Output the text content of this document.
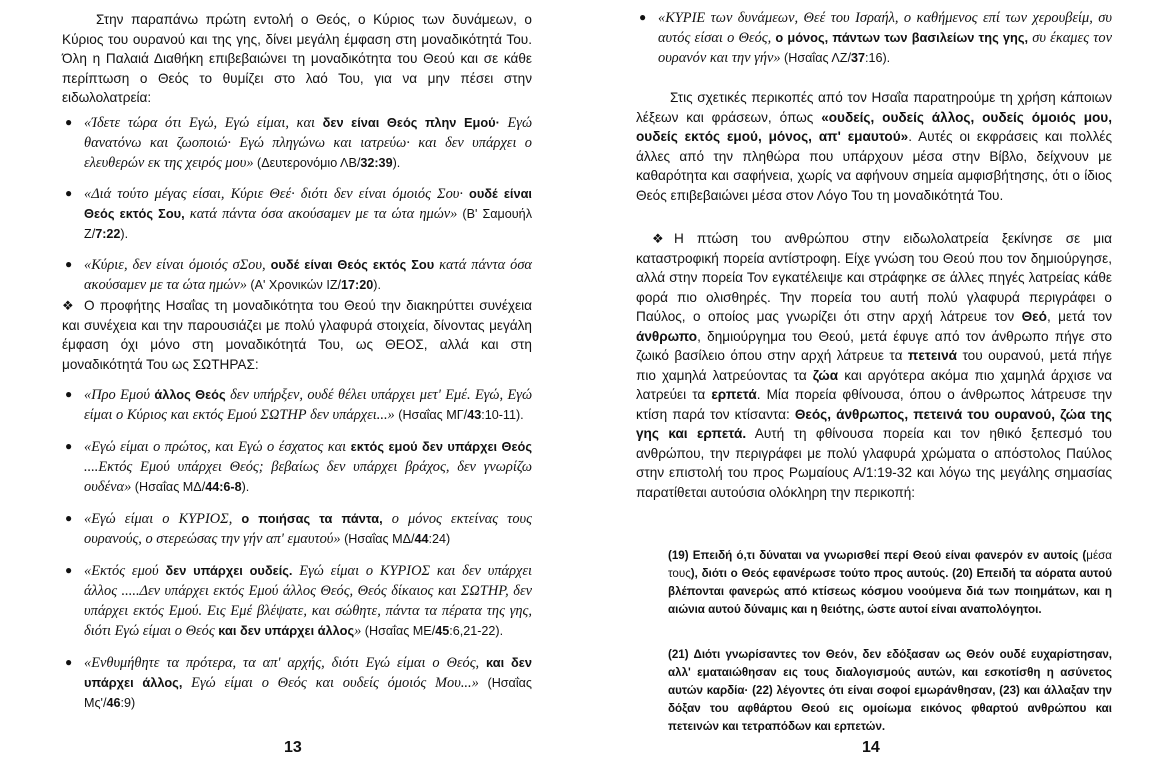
Στην παραπάνω πρώτη εντολή ο Θεός, ο Κύριος των δυνάμεων, ο Κύριος του ουρανού και της γης, δίνει μεγάλη έμφαση στη μοναδικότητά Του. Όλη η Παλαιά Διαθήκη επιβεβαιώνει τη μοναδικότητα του Θεού και σε κάθε περίπτωση ο Θεός το θυμίζει στο λαό Του, για να μην πέσει στην ειδωλολατρεία:

● «Ίδετε τώρα ότι Εγώ, Εγώ είμαι, και δεν είναι Θεός πλην Εμού· Εγώ θανατόνω και ζωοποιώ· Εγώ πληγώνω και ιατρεύω· και δεν υπάρχει ο ελευθερών εκ της χειρός μου» (Δευτερονόμιο ΛΒ/32:39).
● «Διά τούτο μέγας είσαι, Κύριε Θεέ· διότι δεν είναι όμοιός Σου· ουδέ είναι Θεός εκτός Σου, κατά πάντα όσα ακούσαμεν με τα ώτα ημών» (Β' Σαμουήλ Ζ/7:22).
● «Κύριε, δεν είναι όμοιός σΣου, ουδέ είναι Θεός εκτός Σου κατά πάντα όσα ακούσαμεν με τα ώτα ημών» (Α' Χρονικών ΙΖ/17:20).

❖ Ο προφήτης Ησαΐας τη μοναδικότητα του Θεού την διακηρύττει συνέχεια και συνέχεια και την παρουσιάζει με πολύ γλαφυρά στοιχεία, δίνοντας μεγάλη έμφαση όχι μόνο στη μοναδικότητά Του, ως ΘΕΟΣ, αλλά και στη μοναδικότητά Του ως ΣΩΤΗΡΑΣ:

● «Προ Εμού άλλος Θεός δεν υπήρξεν, ουδέ θέλει υπάρχει μετ' Εμέ. Εγώ, Εγώ είμαι ο Κύριος και εκτός Εμού ΣΩΤΗΡ δεν υπάρχει...» (Ησαΐας ΜΓ/43:10-11).
● «Εγώ είμαι ο πρώτος, και Εγώ ο έσχατος και εκτός εμού δεν υπάρχει Θεός ....Εκτός Εμού υπάρχει Θεός; βεβαίως δεν υπάρχει βράχος, δεν γνωρίζω ουδένα» (Ησαΐας ΜΔ/44:6-8).
● «Εγώ είμαι ο ΚΥΡΙΟΣ, ο ποιήσας τα πάντα, ο μόνος εκτείνας τους ουρανούς, ο στερεώσας την γήν απ' εμαυτού» (Ησαΐας ΜΔ/44:24)
● «Εκτός εμού δεν υπάρχει ουδείς. Εγώ είμαι ο ΚΥΡΙΟΣ και δεν υπάρχει άλλος .....Δεν υπάρχει εκτός Εμού άλλος Θεός, Θεός δίκαιος και ΣΩΤΗΡ, δεν υπάρχει εκτός Εμού. Εις Εμέ βλέψατε, και σώθητε, πάντα τα πέρατα της γης, διότι Εγώ είμαι ο Θεός και δεν υπάρχει άλλος» (Ησαΐας ΜΕ/45:6,21-22).
● «Ενθυμήθητε τα πρότερα, τα απ' αρχής, διότι Εγώ είμαι ο Θεός, και δεν υπάρχει άλλος, Εγώ είμαι ο Θεός και ουδείς όμοιός Μου...» (Ησαΐας Μς'/46:9)
13
● «ΚΥΡΙΕ των δυνάμεων, Θεέ του Ισραήλ, ο καθήμενος επί των χερουβείμ, συ αυτός είσαι ο Θεός, ο μόνος, πάντων των βασιλείων της γης, συ έκαμες τον ουρανόν και την γήν» (Ησαΐας ΛΖ/37:16).

Στις σχετικές περικοπές από τον Ησαΐα παρατηρούμε τη χρήση κάποιων λέξεων και φράσεων, όπως «ουδείς, ουδείς άλλος, ουδείς όμοιός μου, ουδείς εκτός εμού, μόνος, απ' εμαυτού». Αυτές οι εκφράσεις και πολλές άλλες από την πληθώρα που υπάρχουν μέσα στην Βίβλο, δείχνουν με καθαρότητα και σαφήνεια, χωρίς να αφήνουν σημεία αμφισβήτησης, ότι ο ίδιος Θεός επιβεβαιώνει μέσα στον Λόγο Του τη μοναδικότητά Του.

❖ Η πτώση του ανθρώπου στην ειδωλολατρεία ξεκίνησε σε μια καταστροφική πορεία αντίστροφη. Είχε γνώση του Θεού που τον δημιούργησε, αλλά στην πορεία Τον εγκατέλειψε και στράφηκε σε άλλες πηγές λατρείας κάθε φορά πιο ολισθηρές. Την πορεία του αυτή πολύ γλαφυρά περιγράφει ο Παύλος, ο οποίος μας γνωρίζει ότι στην αρχή λάτρευε τον Θεό, μετά τον άνθρωπο, δημιούργημα του Θεού, μετά έφυγε από τον άνθρωπο πήγε στο ζωικό βασίλειο όπου στην αρχή λάτρευε τα πετεινά του ουρανού, μετά πήγε πιο χαμηλά λατρεύοντας τα ζώα και αργότερα ακόμα πιο χαμηλά άρχισε να λατρεύει τα ερπετά. Μία πορεία φθίνουσα, όπου ο άνθρωπος λάτρευσε την κτίση παρά τον κτίσαντα: Θεός, άνθρωπος, πετεινά του ουρανού, ζώα της γης και ερπετά. Αυτή τη φθίνουσα πορεία και τον ηθικό ξεπεσμό του ανθρώπου, την περιγράφει με πολύ γλαφυρά χρώματα ο απόστολος Παύλος στην επιστολή του προς Ρωμαίους Α/1:19-32 και λόγω της μεγάλης σημασίας παρατίθεται αυτούσια ολόκληρη την περικοπή:

(19) Επειδή ό,τι δύναται να γνωρισθεί περί Θεού είναι φανερόν εν αυτοίς (μέσα τους), διότι ο Θεός εφανέρωσε τούτο προς αυτούς. (20) Επειδή τα αόρατα αυτού βλέπονται φανερώς από κτίσεως κόσμου νοούμενα διά των ποιημάτων, και η αιώνια αυτού δύναμις και η θειότης, ώστε αυτοί είναι αναπολόγητοι.

(21) Διότι γνωρίσαντες τον Θεόν, δεν εδόξασαν ως Θεόν ουδέ ευχαρίστησαν, αλλ' εματαιώθησαν εις τους διαλογισμούς αυτών, και εσκοτίσθη η ασύνετος αυτών καρδία· (22) λέγοντες ότι είναι σοφοί εμωράνθησαν, (23) και άλλαξαν την δόξαν του αφθάρτου Θεού εις ομοίωμα εικόνος φθαρτού ανθρώπου και πετεινών και τετραπόδων και ερπετών.

14
